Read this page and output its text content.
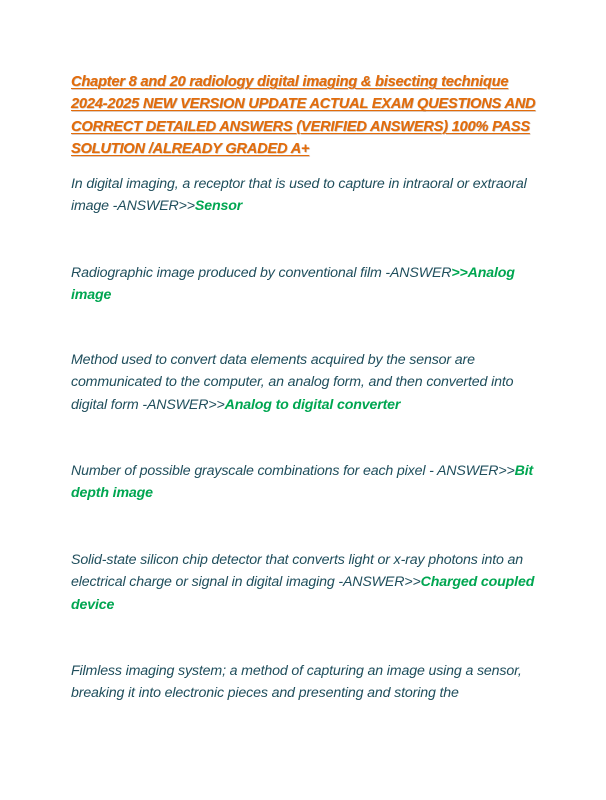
Chapter 8 and 20 radiology digital imaging & bisecting technique 2024-2025 NEW VERSION UPDATE ACTUAL EXAM QUESTIONS AND CORRECT DETAILED ANSWERS (VERIFIED ANSWERS) 100% PASS SOLUTION /ALREADY GRADED A+

In digital imaging, a receptor that is used to capture in intraoral or extraoral image -ANSWER>>Sensor

Radiographic image produced by conventional film -ANSWER>>Analog image

Method used to convert data elements acquired by the sensor are communicated to the computer, an analog form, and then converted into digital form -ANSWER>>Analog to digital converter

Number of possible grayscale combinations for each pixel - ANSWER>>Bit depth image

Solid-state silicon chip detector that converts light or x-ray photons into an electrical charge or signal in digital imaging -ANSWER>>Charged coupled device

Filmless imaging system; a method of capturing an image using a sensor, breaking it into electronic pieces and presenting and storing the
